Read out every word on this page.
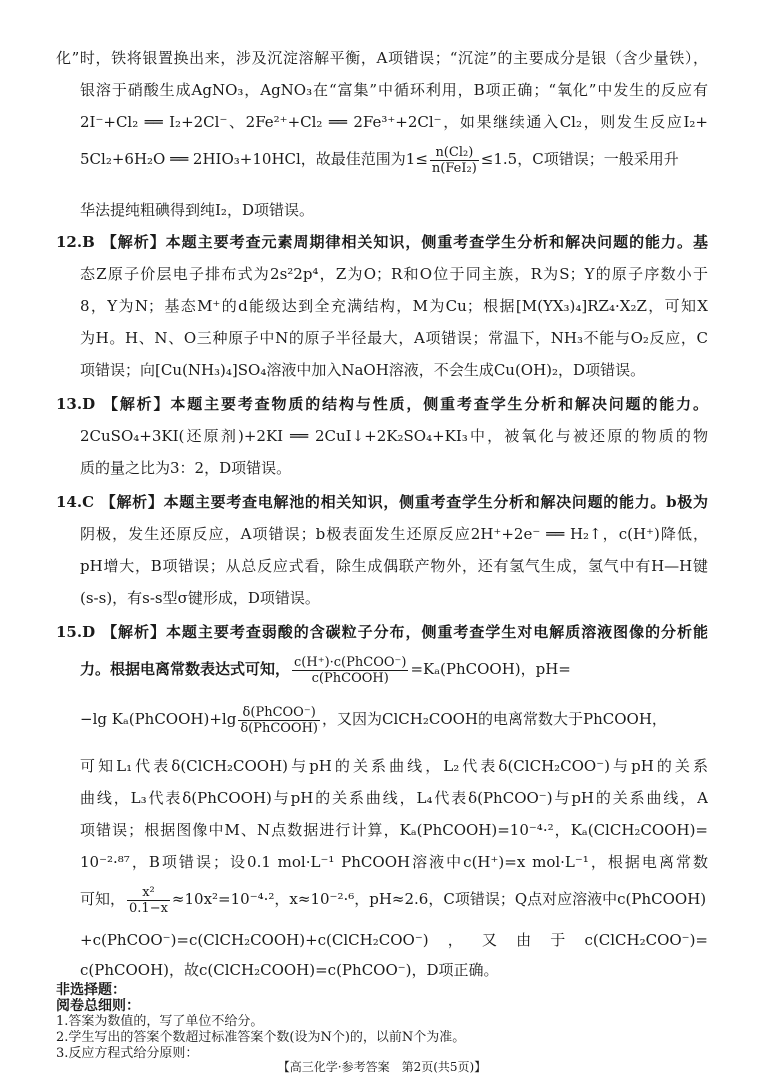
化”时，铁将银置换出来，涉及沉淀溶解平衡，A项错误；“沉淀”的主要成分是银（含少量铁），
银溶于硝酸生成AgNO₃，AgNO₃在“富集”中循环利用，B项正确；“氧化”中发生的反应有
2I⁻+Cl₂ ══ I₂+2Cl⁻、2Fe²⁺+Cl₂ ══ 2Fe³⁺+2Cl⁻，如果继续通入Cl₂，则发生反应I₂+
5Cl₂+6H₂O ══ 2HIO₃+10HCl，故最佳范围为$1\le \frac{\text{n(Cl₂)}}{\text{n(FeI₂)}} \le 1.5$，C项错误；一般采用升
华法提纯粗碘得到纯I₂，D项错误。
12.B 【解析】本题主要考查元素周期律相关知识，侧重考查学生分析和解决问题的能力。基
态Z原子价层电子排布式为2s²2p⁴，Z为O；R和O位于同主族，R为S；Y的原子序数小于
8，Y为N；基态M⁺的d能级达到全充满结构，M为Cu；根据[M(YX₃)₄]RZ₄·X₂Z，可知X
为H。H、N、O三种原子中N的原子半径最大，A项错误；常温下，NH₃不能与O₂反应，C
项错误；向[Cu(NH₃)₄]SO₄溶液中加入NaOH溶液，不会生成Cu(OH)₂，D项错误。
13.D 【解析】本题主要考查物质的结构与性质，侧重考查学生分析和解决问题的能力。
2CuSO₄+3KI(还原剂)+2KI ══ 2CuI↓+2K₂SO₄+KI₃中，被氧化与被还原的物质的物
质的量之比为3：2，D项错误。
14.C 【解析】本题主要考查电解池的相关知识，侧重考查学生分析和解决问题的能力。b极为
阴极，发生还原反应，A项错误；b极表面发生还原反应2H⁺+2e⁻ ══ H₂↑，c(H⁺)降低，
pH增大，B项错误；从总反应式看，除生成偶联产物外，还有氢气生成，氢气中有H—H键
(s-s)，有s-s型σ键形成，D项错误。
15.D 【解析】本题主要考查弱酸的含碳粒子分布，侧重考查学生对电解质溶液图像的分析能
力。根据电离常数表达式可知， $\frac{\text{c(H⁺)·c(PhCOO⁻)}}{\text{c(PhCOOH)}}$ =Kₐ(PhCOOH)，pH=
−lg Kₐ(PhCOOH)+lg $\frac{\text{δ(PhCOO⁻)}}{\text{δ(PhCOOH)}}$ ，又因为ClCH₂COOH的电离常数大于PhCOOH，
可知L₁代表δ(ClCH₂COOH)与pH的关系曲线，L₂代表δ(ClCH₂COO⁻)与pH的关系
曲线，L₃代表δ(PhCOOH)与pH的关系曲线，L₄代表δ(PhCOO⁻)与pH的关系曲线，A
项错误；根据图像中M、N点数据进行计算，Kₐ(PhCOOH)=10⁻⁴·²，Kₐ(ClCH₂COOH)=
10⁻²·⁸⁷，B项错误；设0.1 mol·L⁻¹ PhCOOH溶液中c(H⁺)=x mol·L⁻¹，根据电离常数
可知， $\frac{\text{x²}}{0.1-x} \approx 10x^2=10^{-4}\cdot^2$，x≈10⁻²·⁶，pH≈2.6，C项错误；Q点对应溶液中c(PhCOOH)
+c(PhCOO⁻)=c(ClCH₂COOH)+c(ClCH₂COO⁻)，又由于c(ClCH₂COO⁻)=
c(PhCOOH)，故c(ClCH₂COOH)=c(PhCOO⁻)，D项正确。
非选择题：
阅卷总细则：
1.答案为数值的，写了单位不给分。
2.学生写出的答案个数超过标准答案个数(设为N个)的，以前N个为准。
3.反应方程式给分原则：
【高三化学·参考答案　第2页(共5页)】
